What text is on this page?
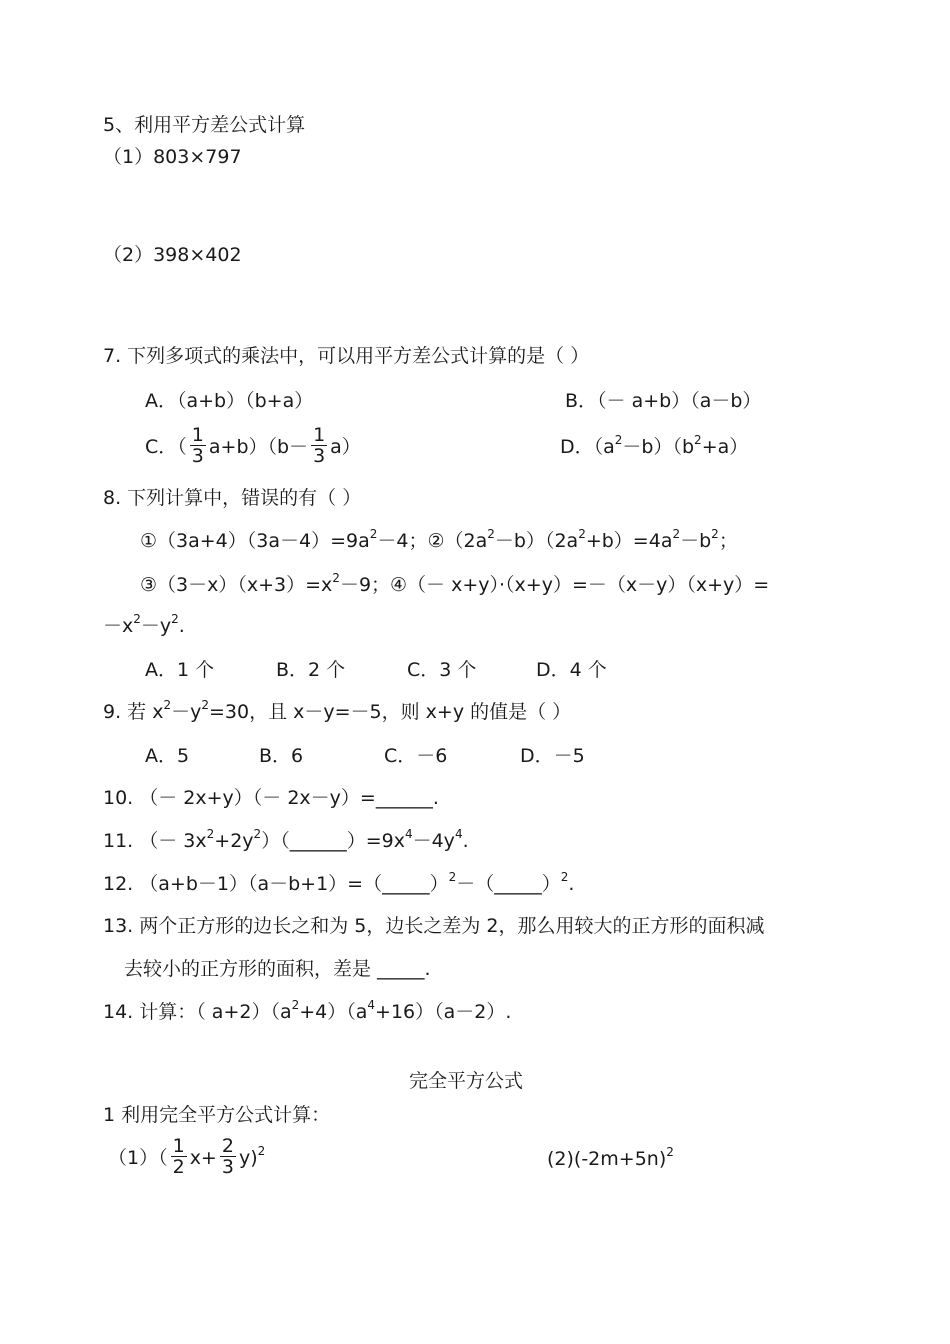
5、利用平方差公式计算
（1）803×797
（2）398×402
7. 下列多项式的乘法中，可以用平方差公式计算的是（ ）
A．（a+b）（b+a）	B．（－ a+b）（a－b）
C．（ $\frac{1}{3} a+b)(b- \frac{1}{3} a)$	D．$(a^2-b)(b^2+a)$
8. 下列计算中，错误的有（ ）
$①(3a+4)(3a-4)=9a^2-4$；$②(2a^2-b)(2a^2+b)=4a^2-b^2$；
$③(3-x)(x+3)=x^2-9$；④（－ x+y）·（x+y）=－（x－y）（x+y）=
$-x^2-y^2$.
A．1 个	B．2 个	C．3 个	D．4 个
9. 若 $x^2-y^2=30$，且 x－y=－5，则 x+y 的值是（ ）
A．5	B．6	C．－6	D．－5
10. （－ 2x+y）（－ 2x－y）=______.
11. （－ $3x^2+2y^2)(\_\_\_\_\_\_)=9x^4-4y^4$.
12. （a+b－1）（a－b+1）=（_____）$^2$－（_____）$^2$.
13. 两个正方形的边长之和为 5，边长之差为 2，那么用较大的正方形的面积减
去较小的正方形的面积，差是 _____.
14. 计算：（ $a+2)(a^2+4)(a^4+16)(a-2)$.
完全平方公式
1 利用完全平方公式计算：
$(1)( \frac{1}{2} x+ \frac{2}{3} y)^2$	$(2)(-2m+5n)^2$
